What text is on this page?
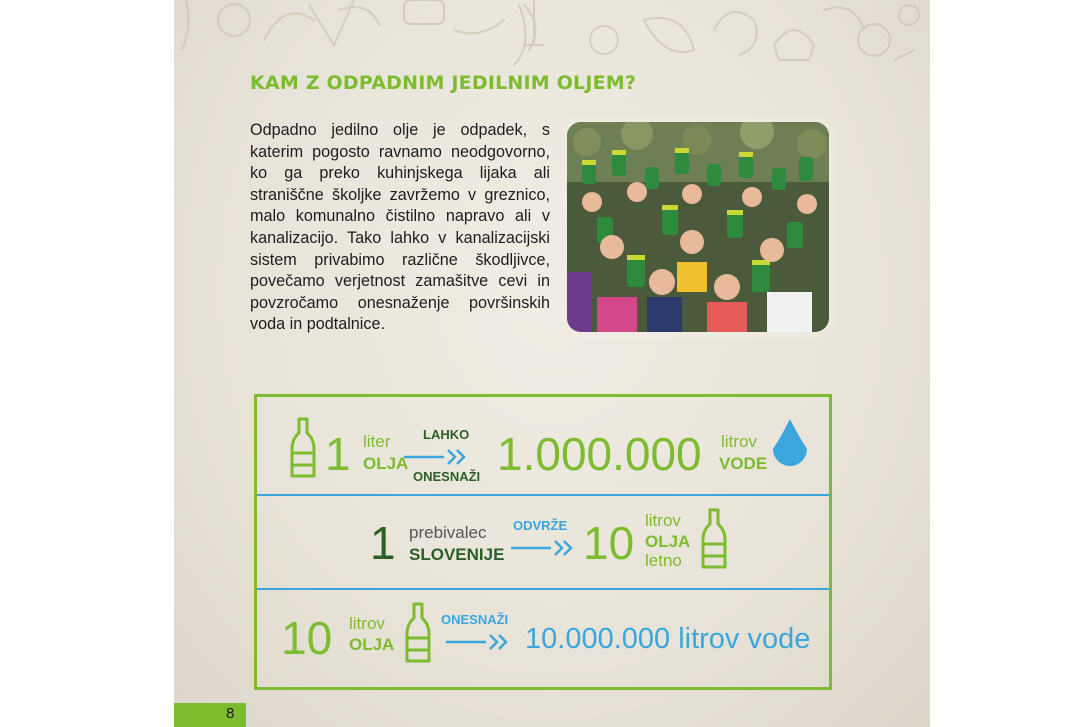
KAM Z ODPADNIM JEDILNIM OLJEM?

Odpadno jedilno olje je odpadek, s katerim pogosto ravnamo neodgovorno, ko ga preko kuhinjskega lijaka ali straniščne školjke zavržemo v greznico, malo komunalno čistilno napravo ali v kanalizacijo. Tako lahko v kanalizacijski sistem privabimo različne škodljivce, povečamo verjetnost zamašitve cevi in povzročamo onesnaženje površinskih voda in podtalnice.

1 liter
OLJA
LAHKO
ONESNAŽI 1.000.000 litrov
VODE
1 prebivalec
SLOVENIJE
ODVRŽE 10 litrov
OLJA
letno
10 litrov
OLJA
ONESNAŽI
10.000.000 litrov vode
8
